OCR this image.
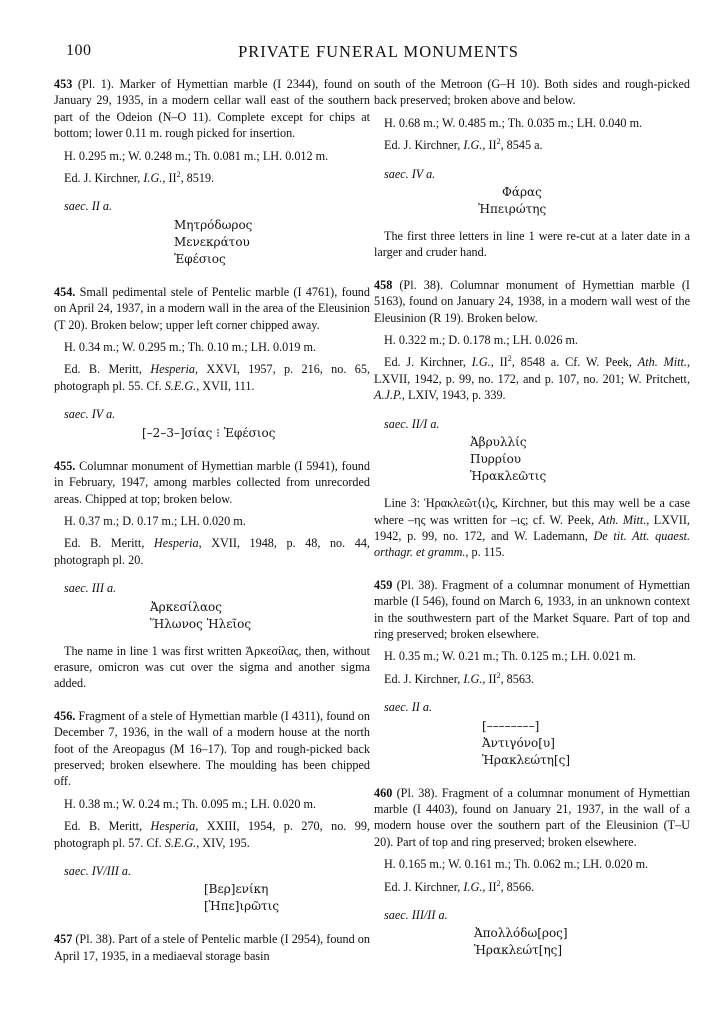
100	PRIVATE FUNERAL MONUMENTS

453 (Pl. 1). Marker of Hymettian marble (I 2344), found on January 29, 1935, in a modern cellar wall east of the southern part of the Odeion (N–O 11). Complete except for chips at bottom; lower 0.11 m. rough picked for insertion.

H. 0.295 m.; W. 0.248 m.; Th. 0.081 m.; LH. 0.012 m.

Ed. J. Kirchner, I.G., $II^2$, 8519.

saec. II a.

Μητρόδωρος
Μενεκράτου
Ἐφέσιος

454. Small pedimental stele of Pentelic marble (I 4761), found on April 24, 1937, in a modern wall in the area of the Eleusinion (T 20). Broken below; upper left corner chipped away.

H. 0.34 m.; W. 0.295 m.; Th. 0.10 m.; LH. 0.019 m.

Ed. B. Meritt, Hesperia, XXVI, 1957, p. 216, no. 65, photograph pl. 55. Cf. S.E.G., XVII, 111.

saec. IV a.

[–2–3–]σίας ⁝ Ἐφέσιος

455. Columnar monument of Hymettian marble (I 5941), found in February, 1947, among marbles collected from unrecorded areas. Chipped at top; broken below.

H. 0.37 m.; D. 0.17 m.; LH. 0.020 m.

Ed. B. Meritt, Hesperia, XVII, 1948, p. 48, no. 44, photograph pl. 20.

saec. III a.

Ἀρκεσίλαος
Ἥλωνος Ἠλεῖος

The name in line 1 was first written Ἀρκεσίλας, then, without erasure, omicron was cut over the sigma and another sigma added.

456. Fragment of a stele of Hymettian marble (I 4311), found on December 7, 1936, in the wall of a modern house at the north foot of the Areopagus (M 16–17). Top and rough-picked back preserved; broken elsewhere. The moulding has been chipped off.

H. 0.38 m.; W. 0.24 m.; Th. 0.095 m.; LH. 0.020 m.

Ed. B. Meritt, Hesperia, XXIII, 1954, p. 270, no. 99, photograph pl. 57. Cf. S.E.G., XIV, 195.

saec. IV/III a.

[Βερ]ενίκη
[Ἠπε]ιρῶτις

457 (Pl. 38). Part of a stele of Pentelic marble (I 2954), found on April 17, 1935, in a mediaeval storage basin

south of the Metroon (G–H 10). Both sides and rough-picked back preserved; broken above and below.

H. 0.68 m.; W. 0.485 m.; Th. 0.035 m.; LH. 0.040 m.

Ed. J. Kirchner, I.G., $II^2$, 8545 a.

saec. IV a.

Φάρας
Ἠπειρώτης

The first three letters in line 1 were re-cut at a later date in a larger and cruder hand.

458 (Pl. 38). Columnar monument of Hymettian marble (I 5163), found on January 24, 1938, in a modern wall west of the Eleusinion (R 19). Broken below.

H. 0.322 m.; D. 0.178 m.; LH. 0.026 m.

Ed. J. Kirchner, I.G., $II^2$, 8548 a. Cf. W. Peek, Ath. Mitt., LXVII, 1942, p. 99, no. 172, and p. 107, no. 201; W. Pritchett, A.J.P., LXIV, 1943, p. 339.

saec. II/I a.

Ἀβρυλλίς
Πυρρίου
Ἡρακλεῶτις

Line 3: Ἡρακλεῶτ⟨ι⟩ς, Kirchner, but this may well be a case where –ης was written for –ις; cf. W. Peek, Ath. Mitt., LXVII, 1942, p. 99, no. 172, and W. Lademann, De tit. Att. quaest. orthagr. et gramm., p. 115.

459 (Pl. 38). Fragment of a columnar monument of Hymettian marble (I 546), found on March 6, 1933, in an unknown context in the southwestern part of the Market Square. Part of top and ring preserved; broken elsewhere.

H. 0.35 m.; W. 0.21 m.; Th. 0.125 m.; LH. 0.021 m.

Ed. J. Kirchner, I.G., $II^2$, 8563.

saec. II a.

[––––––––]
Ἀντιγόνο[υ]
Ἡρακλεώτη[ς]

460 (Pl. 38). Fragment of a columnar monument of Hymettian marble (I 4403), found on January 21, 1937, in the wall of a modern house over the southern part of the Eleusinion (T–U 20). Part of top and ring preserved; broken elsewhere.

H. 0.165 m.; W. 0.161 m.; Th. 0.062 m.; LH. 0.020 m.

Ed. J. Kirchner, I.G., $II^2$, 8566.

saec. III/II a.

Ἀπολλόδω[ρος]
Ἡρακλεώτ[ης]
